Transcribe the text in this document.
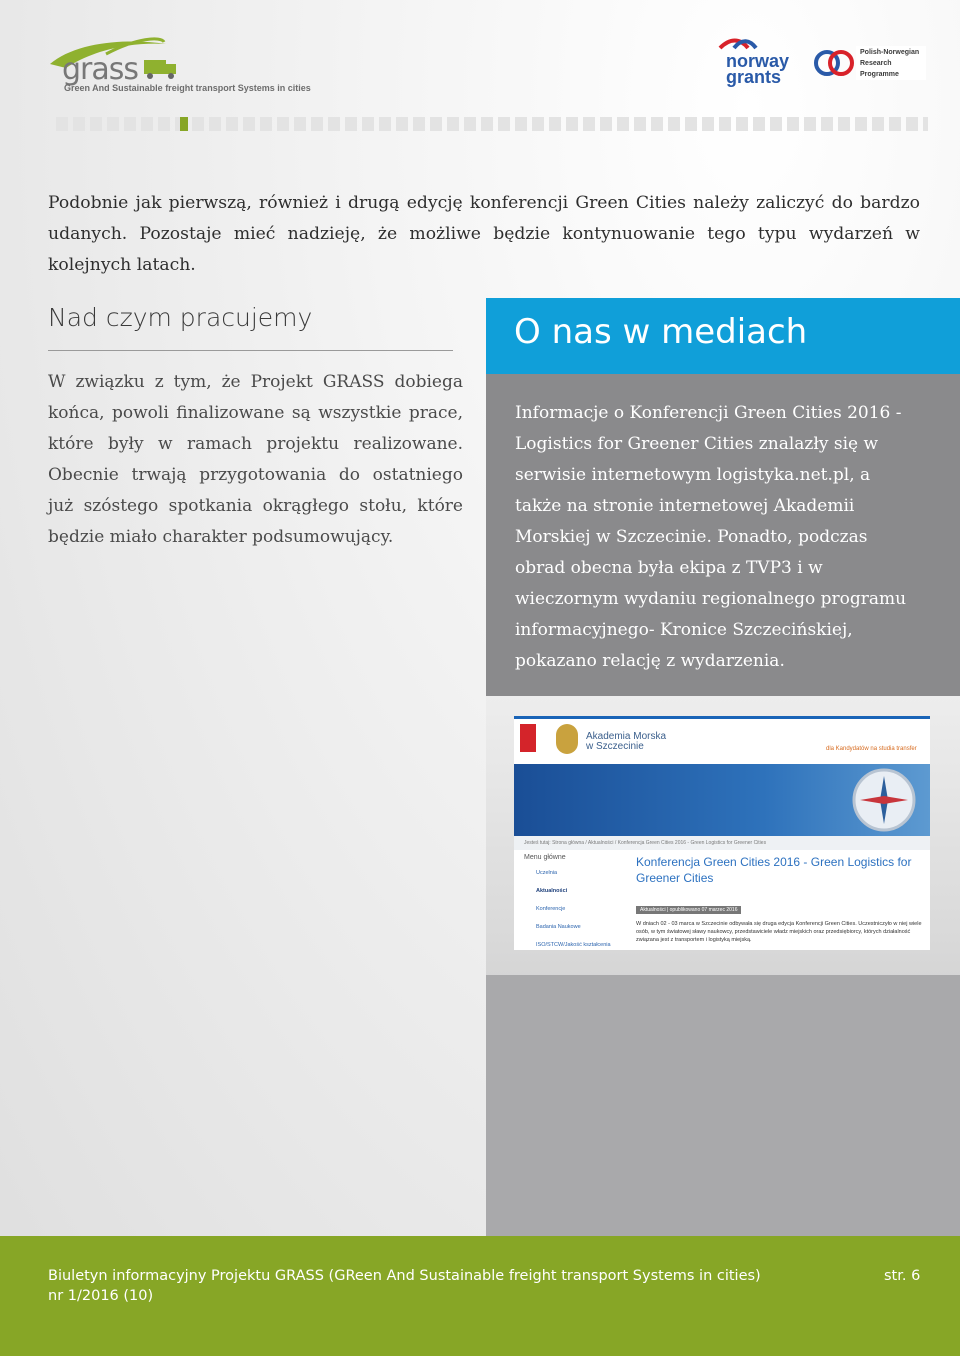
grass
Green And Sustainable freight transport Systems in cities
norway
grants
Polish-Norwegian
Research
Programme
Podobnie jak pierwszą, również i drugą edycję konferencji Green Cities należy zaliczyć do bardzo udanych. Pozostaje mieć nadzieję, że możliwe będzie kontynuowanie tego typu wydarzeń w kolejnych latach.
Nad czym pracujemy
W związku z tym, że Projekt GRASS dobiega końca, powoli finalizowane są wszystkie prace, które były w ramach projektu realizowane. Obecnie trwają przygotowania do ostatniego już szóstego spotkania okrągłego stołu, które będzie miało charakter podsumowujący.
O nas w mediach
Informacje o Konferencji Green Cities 2016 - Logistics for Greener Cities znalazły się w serwisie internetowym logistyka.net.pl, a także na stronie internetowej Akademii Morskiej w Szczecinie. Ponadto, podczas obrad obecna była ekipa z TVP3 i w wieczornym wydaniu regionalnego programu informacyjnego- Kronice Szczecińskiej, pokazano relację z wydarzenia.
Akademia Morska
w Szczecinie	dla Kandydatów na studia transfer
Jesteś tutaj: Strona główna / Aktualności / Konferencja Green Cities 2016 - Green Logistics for Greener Cities
Menu główne
Uczelnia
Aktualności
Konferencje
Badania Naukowe
ISO/STCW/Jakość kształcenia
Konferencja Green Cities 2016 - Green Logistics for Greener Cities
Aktualności | opublikowano 07 marzec 2016
W dniach 02 - 03 marca w Szczecinie odbywała się druga edycja Konferencji Green Cities. Uczestniczyło w niej wiele osób, w tym światowej sławy naukowcy, przedstawiciele władz miejskich oraz przedsiębiorcy, których działalność związana jest z transportem i logistyką miejską.
Biuletyn informacyjny Projektu GRASS (GReen And Sustainable freight transport Systems in cities)
nr 1/2016 (10)
str. 6
